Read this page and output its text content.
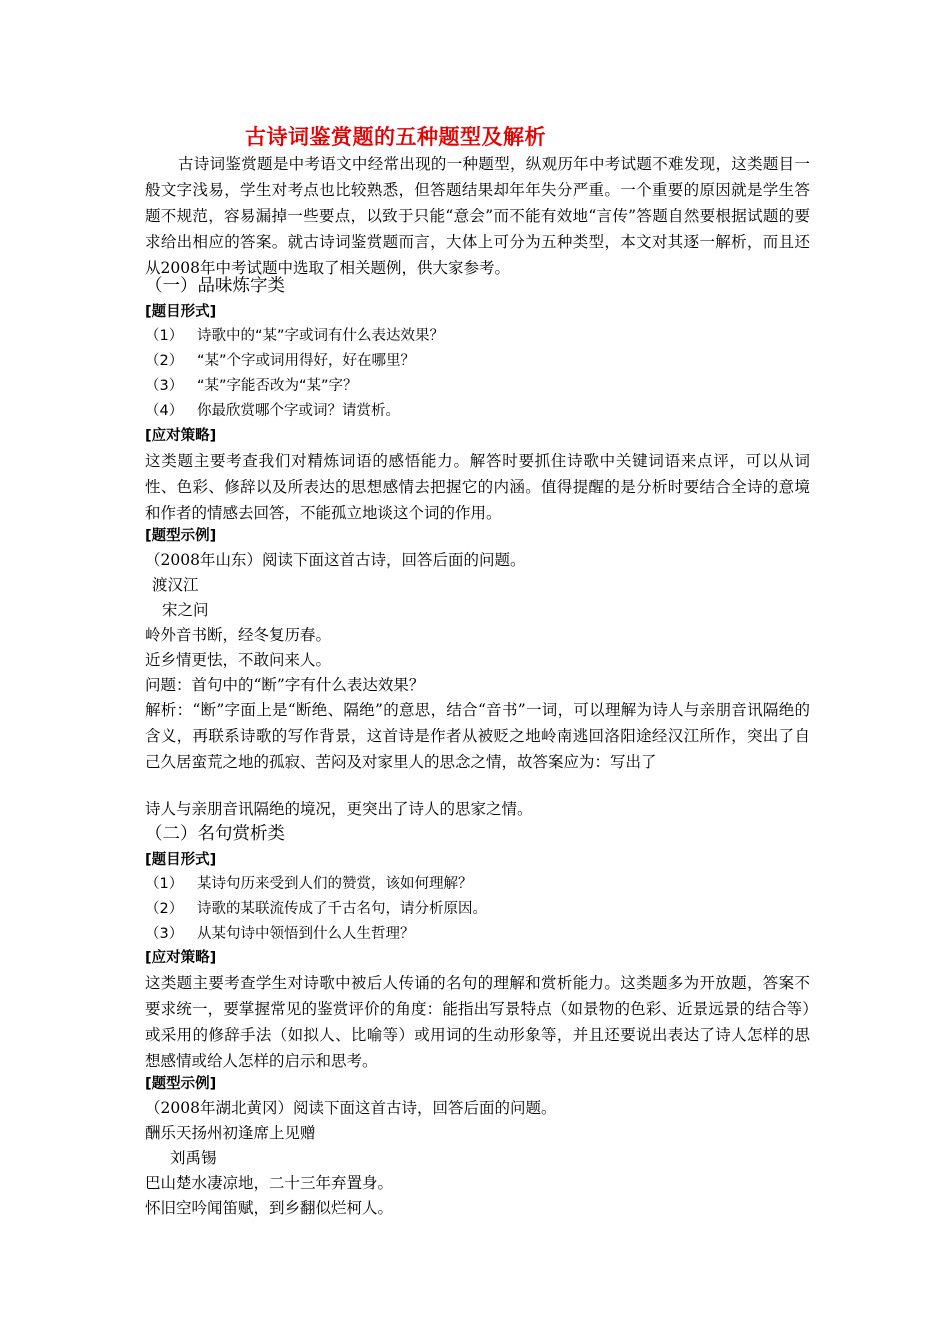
古诗词鉴赏题的五种题型及解析
古诗词鉴赏题是中考语文中经常出现的一种题型，纵观历年中考试题不难发现，这类题目一般文字浅易，学生对考点也比较熟悉，但答题结果却年年失分严重。一个重要的原因就是学生答题不规范，容易漏掉一些要点，以致于只能“意会”而不能有效地“言传”答题自然要根据试题的要求给出相应的答案。就古诗词鉴赏题而言，大体上可分为五种类型，本文对其逐一解析，而且还从2008年中考试题中选取了相关题例，供大家参考。
（一）品味炼字类
[题目形式]
（1） 诗歌中的“某”字或词有什么表达效果？
（2） “某”个字或词用得好，好在哪里？
（3） “某”字能否改为“某”字？
（4） 你最欣赏哪个字或词？请赏析。
[应对策略]
这类题主要考查我们对精炼词语的感悟能力。解答时要抓住诗歌中关键词语来点评，可以从词性、色彩、修辞以及所表达的思想感情去把握它的内涵。值得提醒的是分析时要结合全诗的意境和作者的情感去回答，不能孤立地谈这个词的作用。
[题型示例]
（2008年山东）阅读下面这首古诗，回答后面的问题。
渡汉江
宋之问
岭外音书断，经冬复历春。
近乡情更怯，不敢问来人。
问题：首句中的“断”字有什么表达效果？
解析：“断”字面上是“断绝、隔绝”的意思，结合“音书”一词，可以理解为诗人与亲朋音讯隔绝的含义，再联系诗歌的写作背景，这首诗是作者从被贬之地岭南逃回洛阳途经汉江所作，突出了自己久居蛮荒之地的孤寂、苦闷及对家里人的思念之情，故答案应为：写出了
诗人与亲朋音讯隔绝的境况，更突出了诗人的思家之情。
（二）名句赏析类
[题目形式]
（1） 某诗句历来受到人们的赞赏，该如何理解？
（2） 诗歌的某联流传成了千古名句，请分析原因。
（3） 从某句诗中领悟到什么人生哲理？
[应对策略]
这类题主要考查学生对诗歌中被后人传诵的名句的理解和赏析能力。这类题多为开放题，答案不要求统一，要掌握常见的鉴赏评价的角度：能指出写景特点（如景物的色彩、近景远景的结合等）或采用的修辞手法（如拟人、比喻等）或用词的生动形象等，并且还要说出表达了诗人怎样的思想感情或给人怎样的启示和思考。
[题型示例]
（2008年湖北黄冈）阅读下面这首古诗，回答后面的问题。
酬乐天扬州初逢席上见赠
刘禹锡
巴山楚水凄凉地，二十三年弃置身。
怀旧空吟闻笛赋，到乡翻似烂柯人。
